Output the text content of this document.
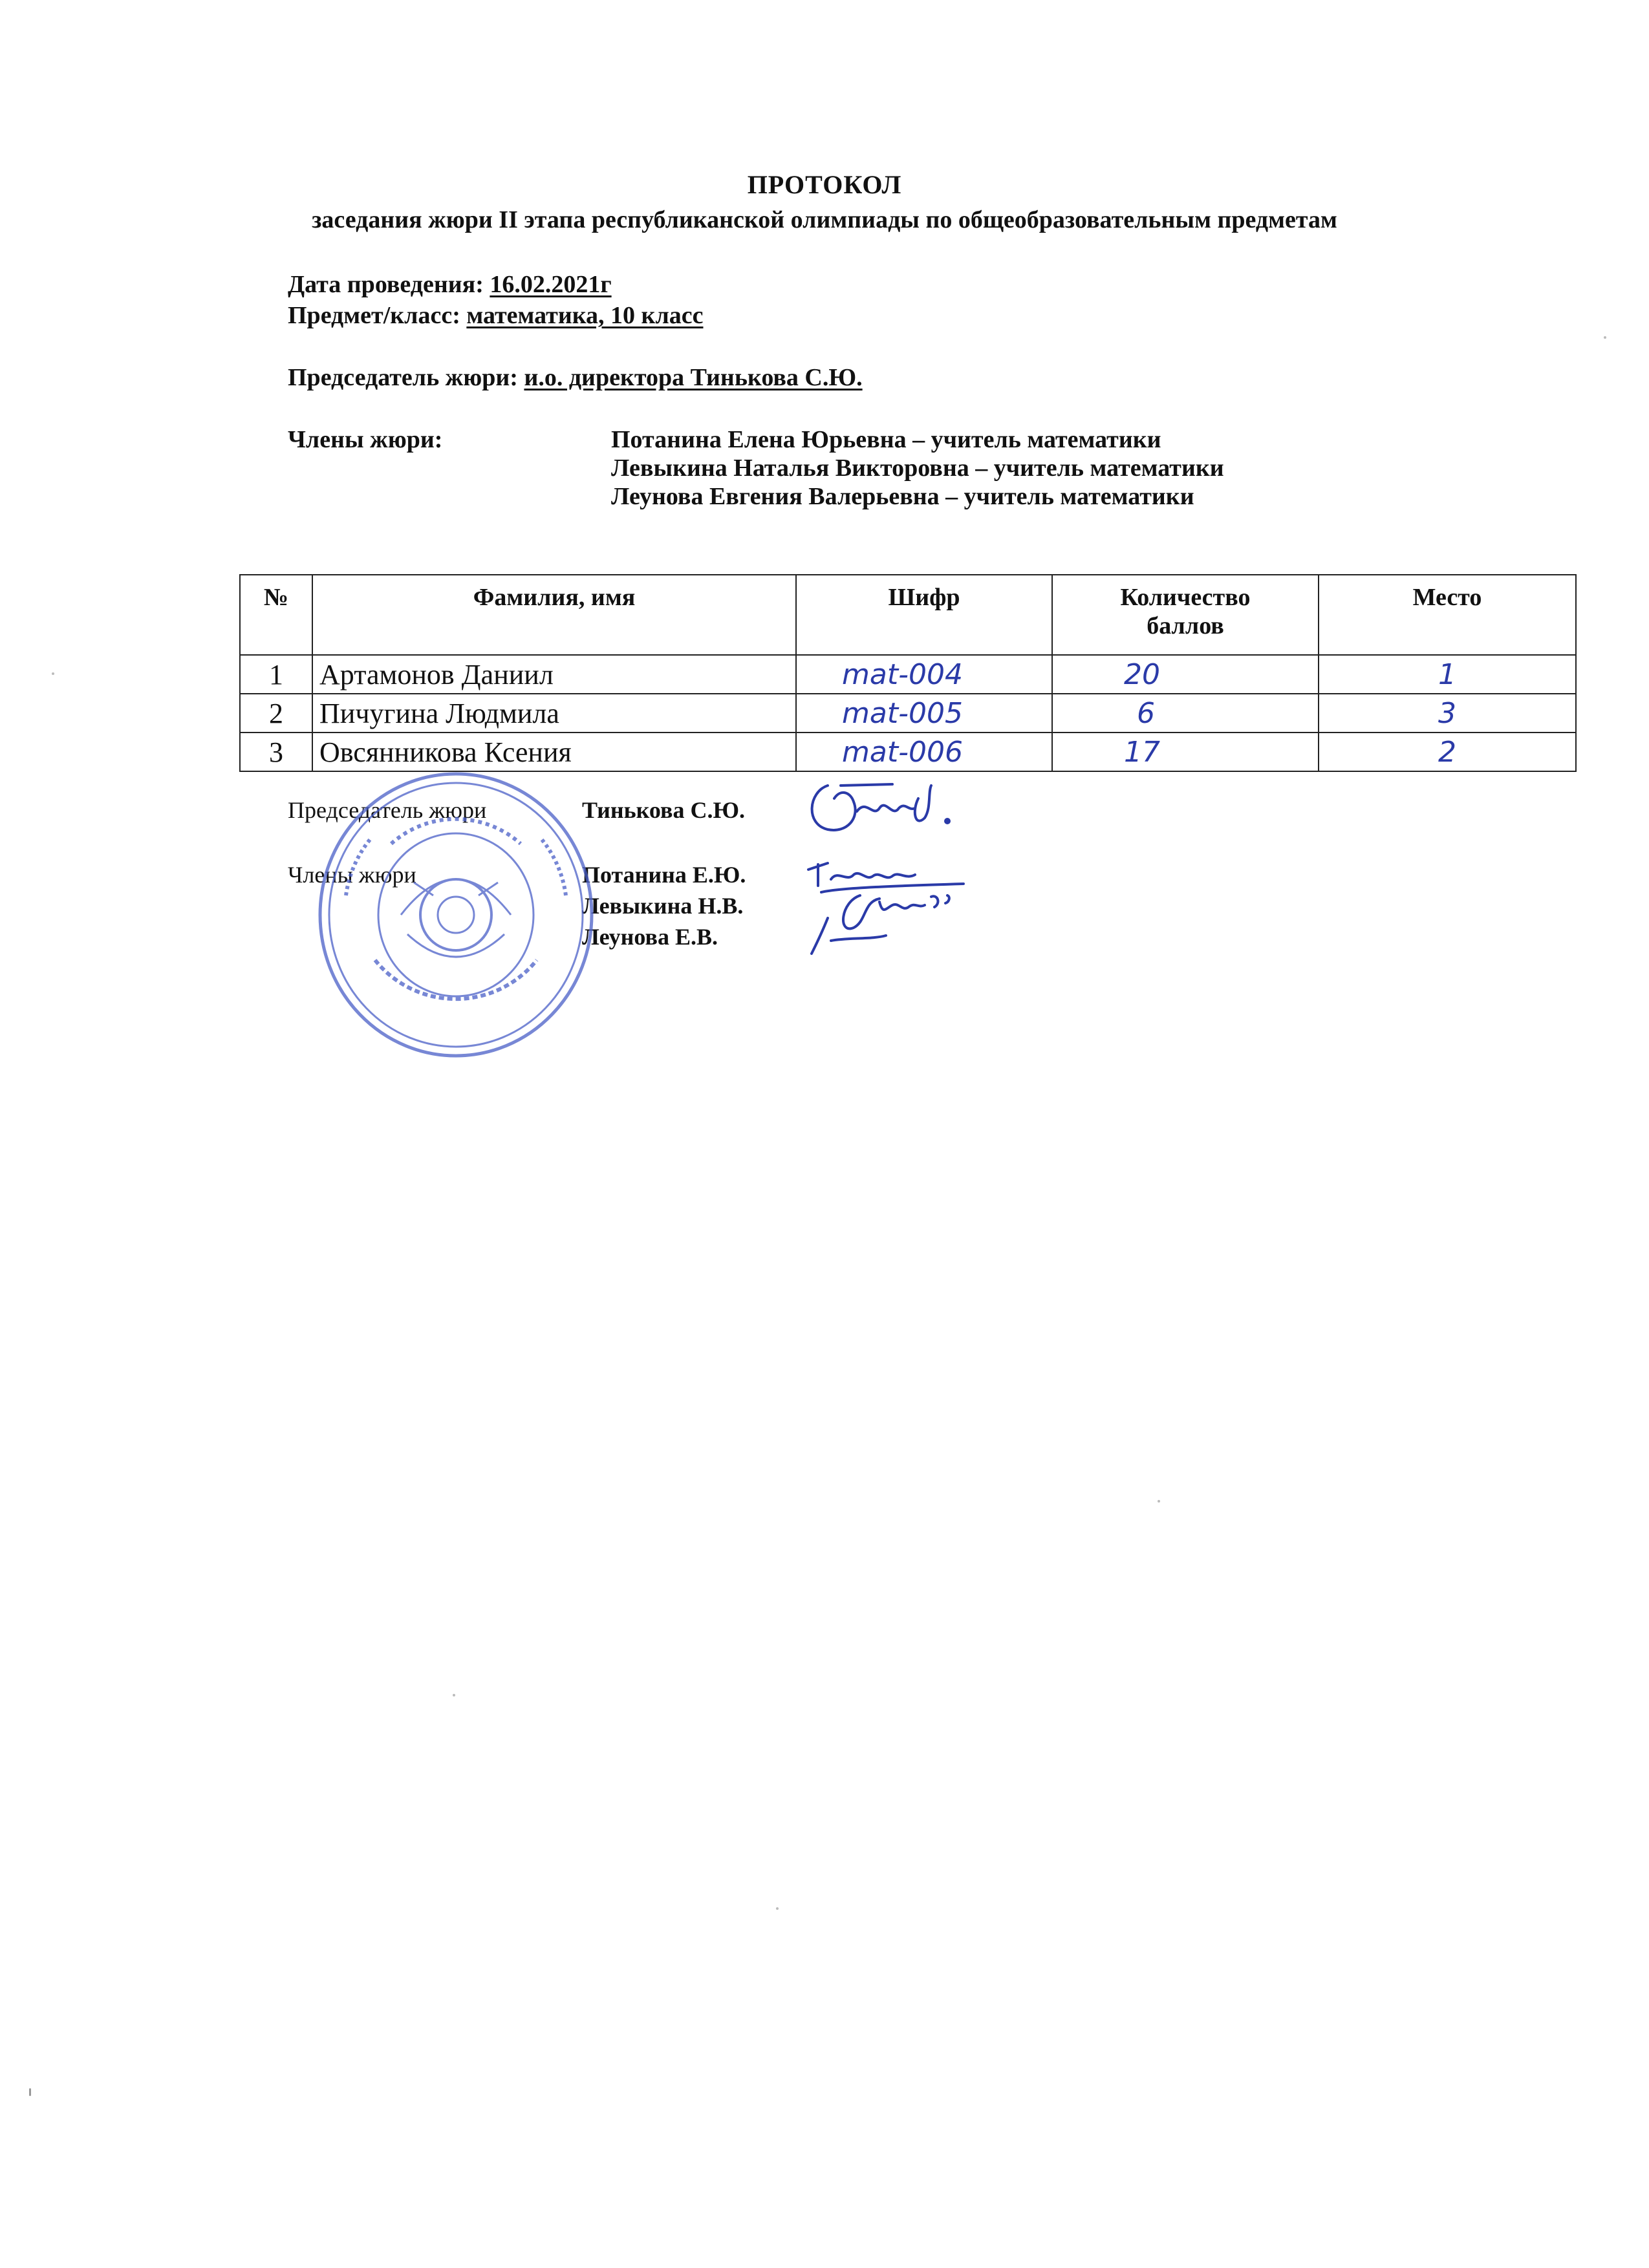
ПРОТОКОЛ
заседания жюри II этапа республиканской олимпиады по общеобразовательным предметам
Дата проведения: 16.02.2021г
Предмет/класс: математика, 10 класс
Председатель жюри: и.о. директора Тинькова С.Ю.
Члены жюри:	Потанина Елена Юрьевна – учитель математики
Левыкина Наталья Викторовна – учитель математики
Леунова Евгения Валерьевна – учитель математики
№	Фамилия, имя	Шифр	Количество
баллов	Место
1	Артамонов Даниил	mat-004	20	1
2	Пичугина Людмила	mat-005	6	3
3	Овсянникова Ксения	mat-006	17	2
Председатель жюри	Тинькова С.Ю.
Члены жюри	Потанина Е.Ю.
Левыкина Н.В.
Леунова Е.В.
